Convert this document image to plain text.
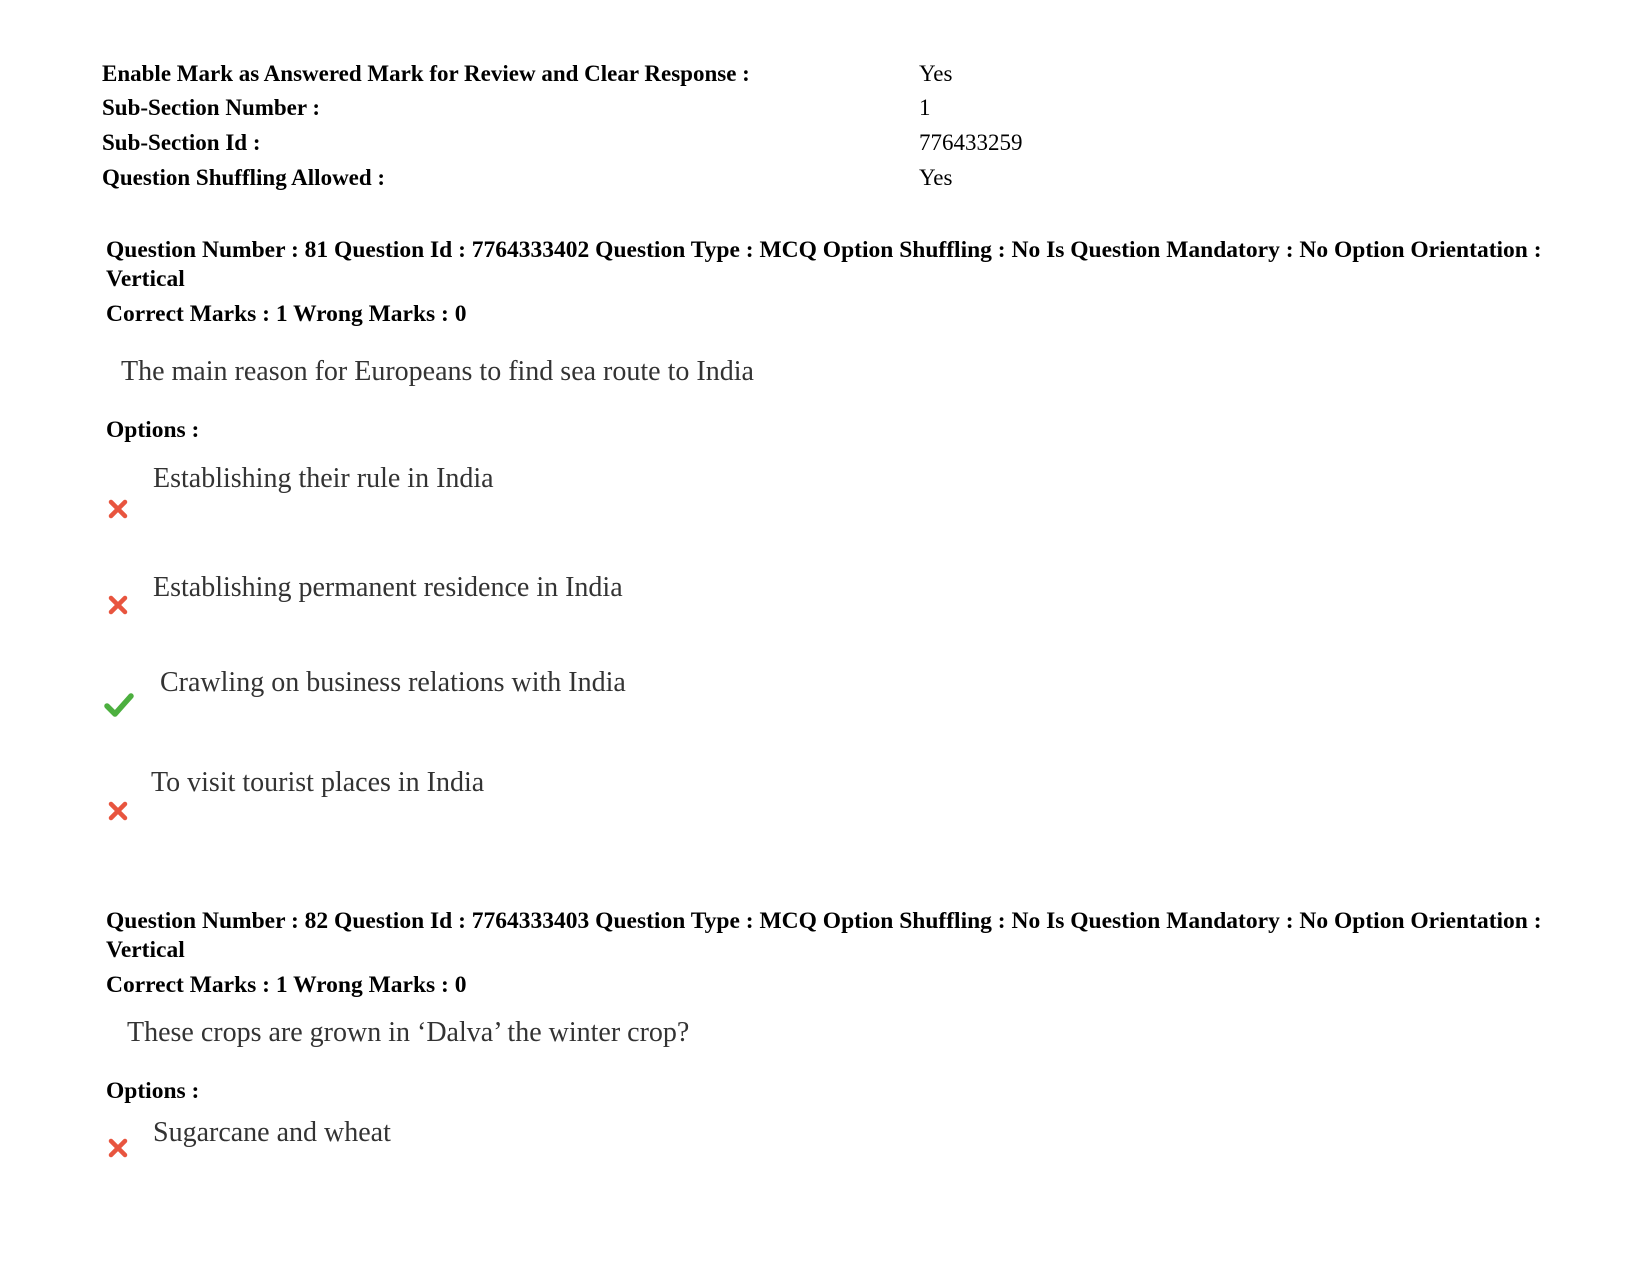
Enable Mark as Answered Mark for Review and Clear Response :	Yes
Sub-Section Number :	1
Sub-Section Id :	776433259
Question Shuffling Allowed :	Yes
Question Number : 81 Question Id : 7764333402 Question Type : MCQ Option Shuffling : No Is Question Mandatory : No Option Orientation : Vertical
Correct Marks : 1 Wrong Marks : 0
The main reason for Europeans to find sea route to India
Options :
Establishing their rule in India
Establishing permanent residence in India
Crawling on business relations with India
To visit tourist places in India
Question Number : 82 Question Id : 7764333403 Question Type : MCQ Option Shuffling : No Is Question Mandatory : No Option Orientation : Vertical
Correct Marks : 1 Wrong Marks : 0
These crops are grown in ‘Dalva’ the winter crop?
Options :
Sugarcane and wheat
